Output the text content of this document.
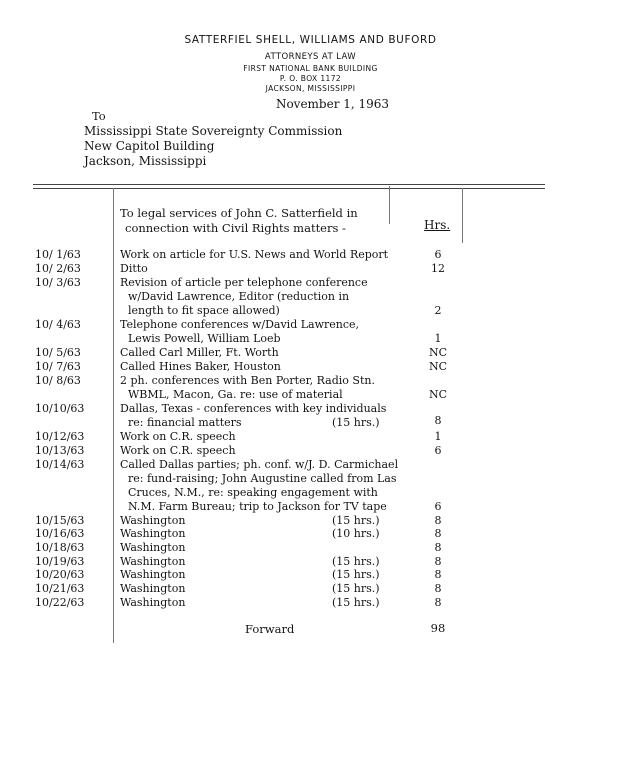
SATTERFIEL SHELL, WILLIAMS AND BUFORD
ATTORNEYS AT LAW
FIRST NATIONAL BANK BUILDING
P. O. BOX 1172
JACKSON, MISSISSIPPI
November 1, 1963
To
Mississippi State Sovereignty Commission
New Capitol Building
Jackson, Mississippi
To legal services of John C. Satterfield in
connection with Civil Rights matters -	Hrs.
10/ 1/63	Work on article for U.S. News and World Report	6
10/ 2/63	Ditto	12
10/ 3/63	Revision of article per telephone conference
w/David Lawrence, Editor (reduction in
length to fit space allowed)	2
10/ 4/63	Telephone conferences w/David Lawrence,
Lewis Powell, William Loeb	1
10/ 5/63	Called Carl Miller, Ft. Worth	NC
10/ 7/63	Called Hines Baker, Houston	NC
10/ 8/63	2 ph. conferences with Ben Porter, Radio Stn.
WBML, Macon, Ga. re: use of material	NC
10/10/63	Dallas, Texas - conferences with key individuals
re: financial matters	(15 hrs.)	8
10/12/63	Work on C.R. speech	1
10/13/63	Work on C.R. speech	6
10/14/63	Called Dallas parties; ph. conf. w/J. D. Carmichael
re: fund-raising; John Augustine called from Las
Cruces, N.M., re: speaking engagement with
N.M. Farm Bureau; trip to Jackson for TV tape	6
10/15/63	Washington	(15 hrs.)	8
10/16/63	Washington	(10 hrs.)	8
10/18/63	Washington	8
10/19/63	Washington	(15 hrs.)	8
10/20/63	Washington	(15 hrs.)	8
10/21/63	Washington	(15 hrs.)	8
10/22/63	Washington	(15 hrs.)	8
Forward	98
